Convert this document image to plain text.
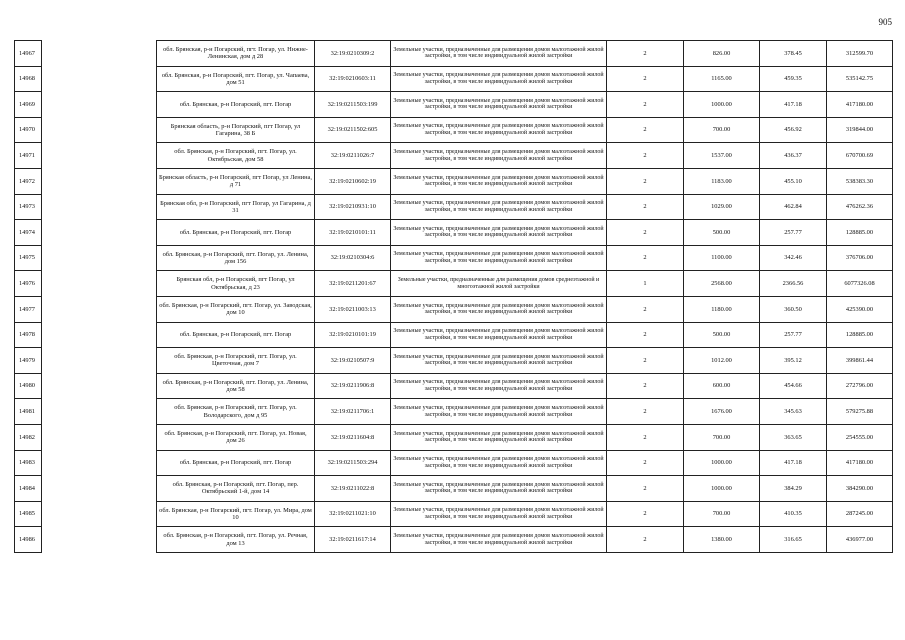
905
14967		обл. Брянская, р-н Погарский, пгт. Погар, ул. Ннжне-Ленинская, дом д 28	32:19:0210309:2	Земельные участки, предназначенные для размещения домов малоэтажной жилой застройки, в том числе индивидуальной жилой застройки	2	826.00	378.45	312599.70
14968		обл. Брянская, р-н Погарский, пгт. Погар, ул. Чапаева, дом 51	32:19:0210603:11	Земельные участки, предназначенные для размещения домов малоэтажной жилой застройки, в том числе индивидуальной жилой застройки	2	1165.00	459.35	535142.75
14969		обл. Брянская, р-н Погарский, пгт. Погар	32:19:0211503:199	Земельные участки, предназначенные для размещения домов малоэтажной жилой застройки, в том числе индивидуальной жилой застройки	2	1000.00	417.18	417180.00
14970		Брянская область, р-н Погарский, пгт Погар, ул Гагарина, 38 Б	32:19:0211502:605	Земельные участки, предназначенные для размещения домов малоэтажной жилой застройки, в том числе индивидуальной жилой застройки	2	700.00	456.92	319844.00
14971		обл. Брянская, р-н Погарский, пгт. Погар, ул. Октябрьская, дом 58	32:19:0211026:7	Земельные участки, предназначенные для размещения домов малоэтажной жилой застройки, в том числе индивидуальной жилой застройки	2	1537.00	436.37	670700.69
14972		Брянская область, р-н Погарский, пгт Погар, ул Ленина, д 71	32:19:0210602:19	Земельные участки, предназначенные для размещения домов малоэтажной жилой застройки, в том числе индивидуальной жилой застройки	2	1183.00	455.10	538383.30
14973		Брянская обл, р-н Погарский, пгт Погар, ул Гагарина, д 31	32:19:0210931:10	Земельные участки, предназначенные для размещения домов малоэтажной жилой застройки, в том числе индивидуальной жилой застройки	2	1029.00	462.84	476262.36
14974		обл. Брянская, р-н Погарский, пгт. Погар	32:19:0210101:11	Земельные участки, предназначенные для размещения домов малоэтажной жилой застройки, в том числе индивидуальной жилой застройки	2	500.00	257.77	128885.00
14975		обл. Брянская, р-н Погарский, пгт. Погар, ул. Ленина, дом 156	32:19:0210304:6	Земельные участки, предназначенные для размещения домов малоэтажной жилой застройки, в том числе индивидуальной жилой застройки	2	1100.00	342.46	376706.00
14976		Брянская обл, р-н Погарский, пгт Погар, ул Октябрьская, д 23	32:19:0211201:67	Земельные участки, предназначенные для размещения домов среднеэтажной и многоэтажной жилой застройки	1	2568.00	2366.56	6077326.08
14977		обл. Брянская, р-н Погарский, пгт. Погар, ул. Заводская, дом 10	32:19:0211003:13	Земельные участки, предназначенные для размещения домов малоэтажной жилой застройки, в том числе индивидуальной жилой застройки	2	1180.00	360.50	425390.00
14978		обл. Брянская, р-н Погарский, пгт. Погар	32:19:0210101:19	Земельные участки, предназначенные для размещения домов малоэтажной жилой застройки, в том числе индивидуальной жилой застройки	2	500.00	257.77	128885.00
14979		обл. Брянская, р-н Погарский, пгт. Погар, ул. Цветочная, дом 7	32:19:0210507:9	Земельные участки, предназначенные для размещения домов малоэтажной жилой застройки, в том числе индивидуальной жилой застройки	2	1012.00	395.12	399861.44
14980		обл. Брянская, р-н Погарский, пгт. Погар, ул. Ленина, дом 58	32:19:0211906:8	Земельные участки, предназначенные для размещения домов малоэтажной жилой застройки, в том числе индивидуальной жилой застройки	2	600.00	454.66	272796.00
14981		обл. Брянская, р-н Погарский, пгт. Погар, ул. Володарского, дом д 95	32:19:0211706:1	Земельные участки, предназначенные для размещения домов малоэтажной жилой застройки, в том числе индивидуальной жилой застройки	2	1676.00	345.63	579275.88
14982		обл. Брянская, р-н Погарский, пгт. Погар, ул. Новая, дом 26	32:19:0211604:8	Земельные участки, предназначенные для размещения домов малоэтажной жилой застройки, в том числе индивидуальной жилой застройки	2	700.00	363.65	254555.00
14983		обл. Брянская, р-н Погарский, пгт. Погар	32:19:0211503:294	Земельные участки, предназначенные для размещения домов малоэтажной жилой застройки, в том числе индивидуальной жилой застройки	2	1000.00	417.18	417180.00
14984		обл. Брянская, р-н Погарский, пгт. Погар, пер. Октябрьский 1-й, дом 14	32:19:0211022:8	Земельные участки, предназначенные для размещения домов малоэтажной жилой застройки, в том числе индивидуальной жилой застройки	2	1000.00	384.29	384290.00
14985		обл. Брянская, р-н Погарский, пгт. Погар, ул. Мира, дом 10	32:19:0211021:10	Земельные участки, предназначенные для размещения домов малоэтажной жилой застройки, в том числе индивидуальной жилой застройки	2	700.00	410.35	287245.00
14986		обл. Брянская, р-н Погарский, пгт. Погар, ул. Речная, дом 13	32:19:0211617:14	Земельные участки, предназначенные для размещения домов малоэтажной жилой застройки, в том числе индивидуальной жилой застройки	2	1380.00	316.65	436977.00
